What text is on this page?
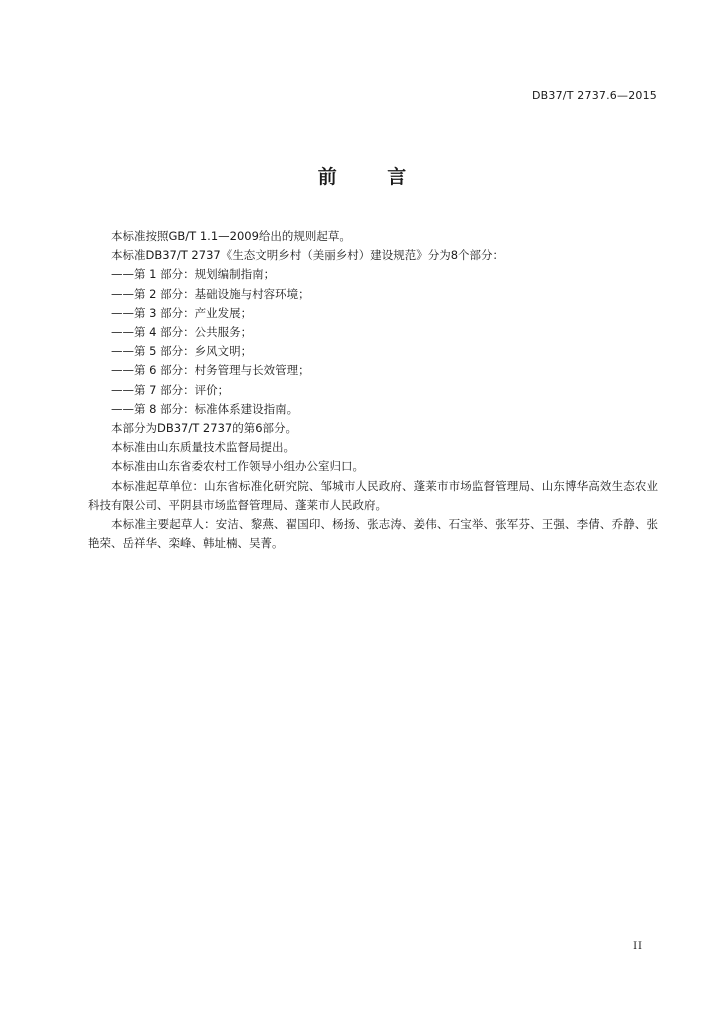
DB37/T 2737.6—2015
前 言

本标准按照GB/T 1.1—2009给出的规则起草。

本标准DB37/T 2737《生态文明乡村（美丽乡村）建设规范》分为8个部分：

——第 1 部分：规划编制指南；

——第 2 部分：基础设施与村容环境；

——第 3 部分：产业发展；

——第 4 部分：公共服务；

——第 5 部分：乡风文明；

——第 6 部分：村务管理与长效管理；

——第 7 部分：评价；

——第 8 部分：标准体系建设指南。

本部分为DB37/T 2737的第6部分。

本标准由山东质量技术监督局提出。

本标准由山东省委农村工作领导小组办公室归口。

本标准起草单位：山东省标准化研究院、邹城市人民政府、蓬莱市市场监督管理局、山东博华高效生态农业科技有限公司、平阴县市场监督管理局、蓬莱市人民政府。

本标准主要起草人：安洁、黎燕、翟国印、杨扬、张志涛、姜伟、石宝举、张军芬、王强、李倩、乔静、张艳荣、岳祥华、栾峰、韩址楠、吴菁。

II
